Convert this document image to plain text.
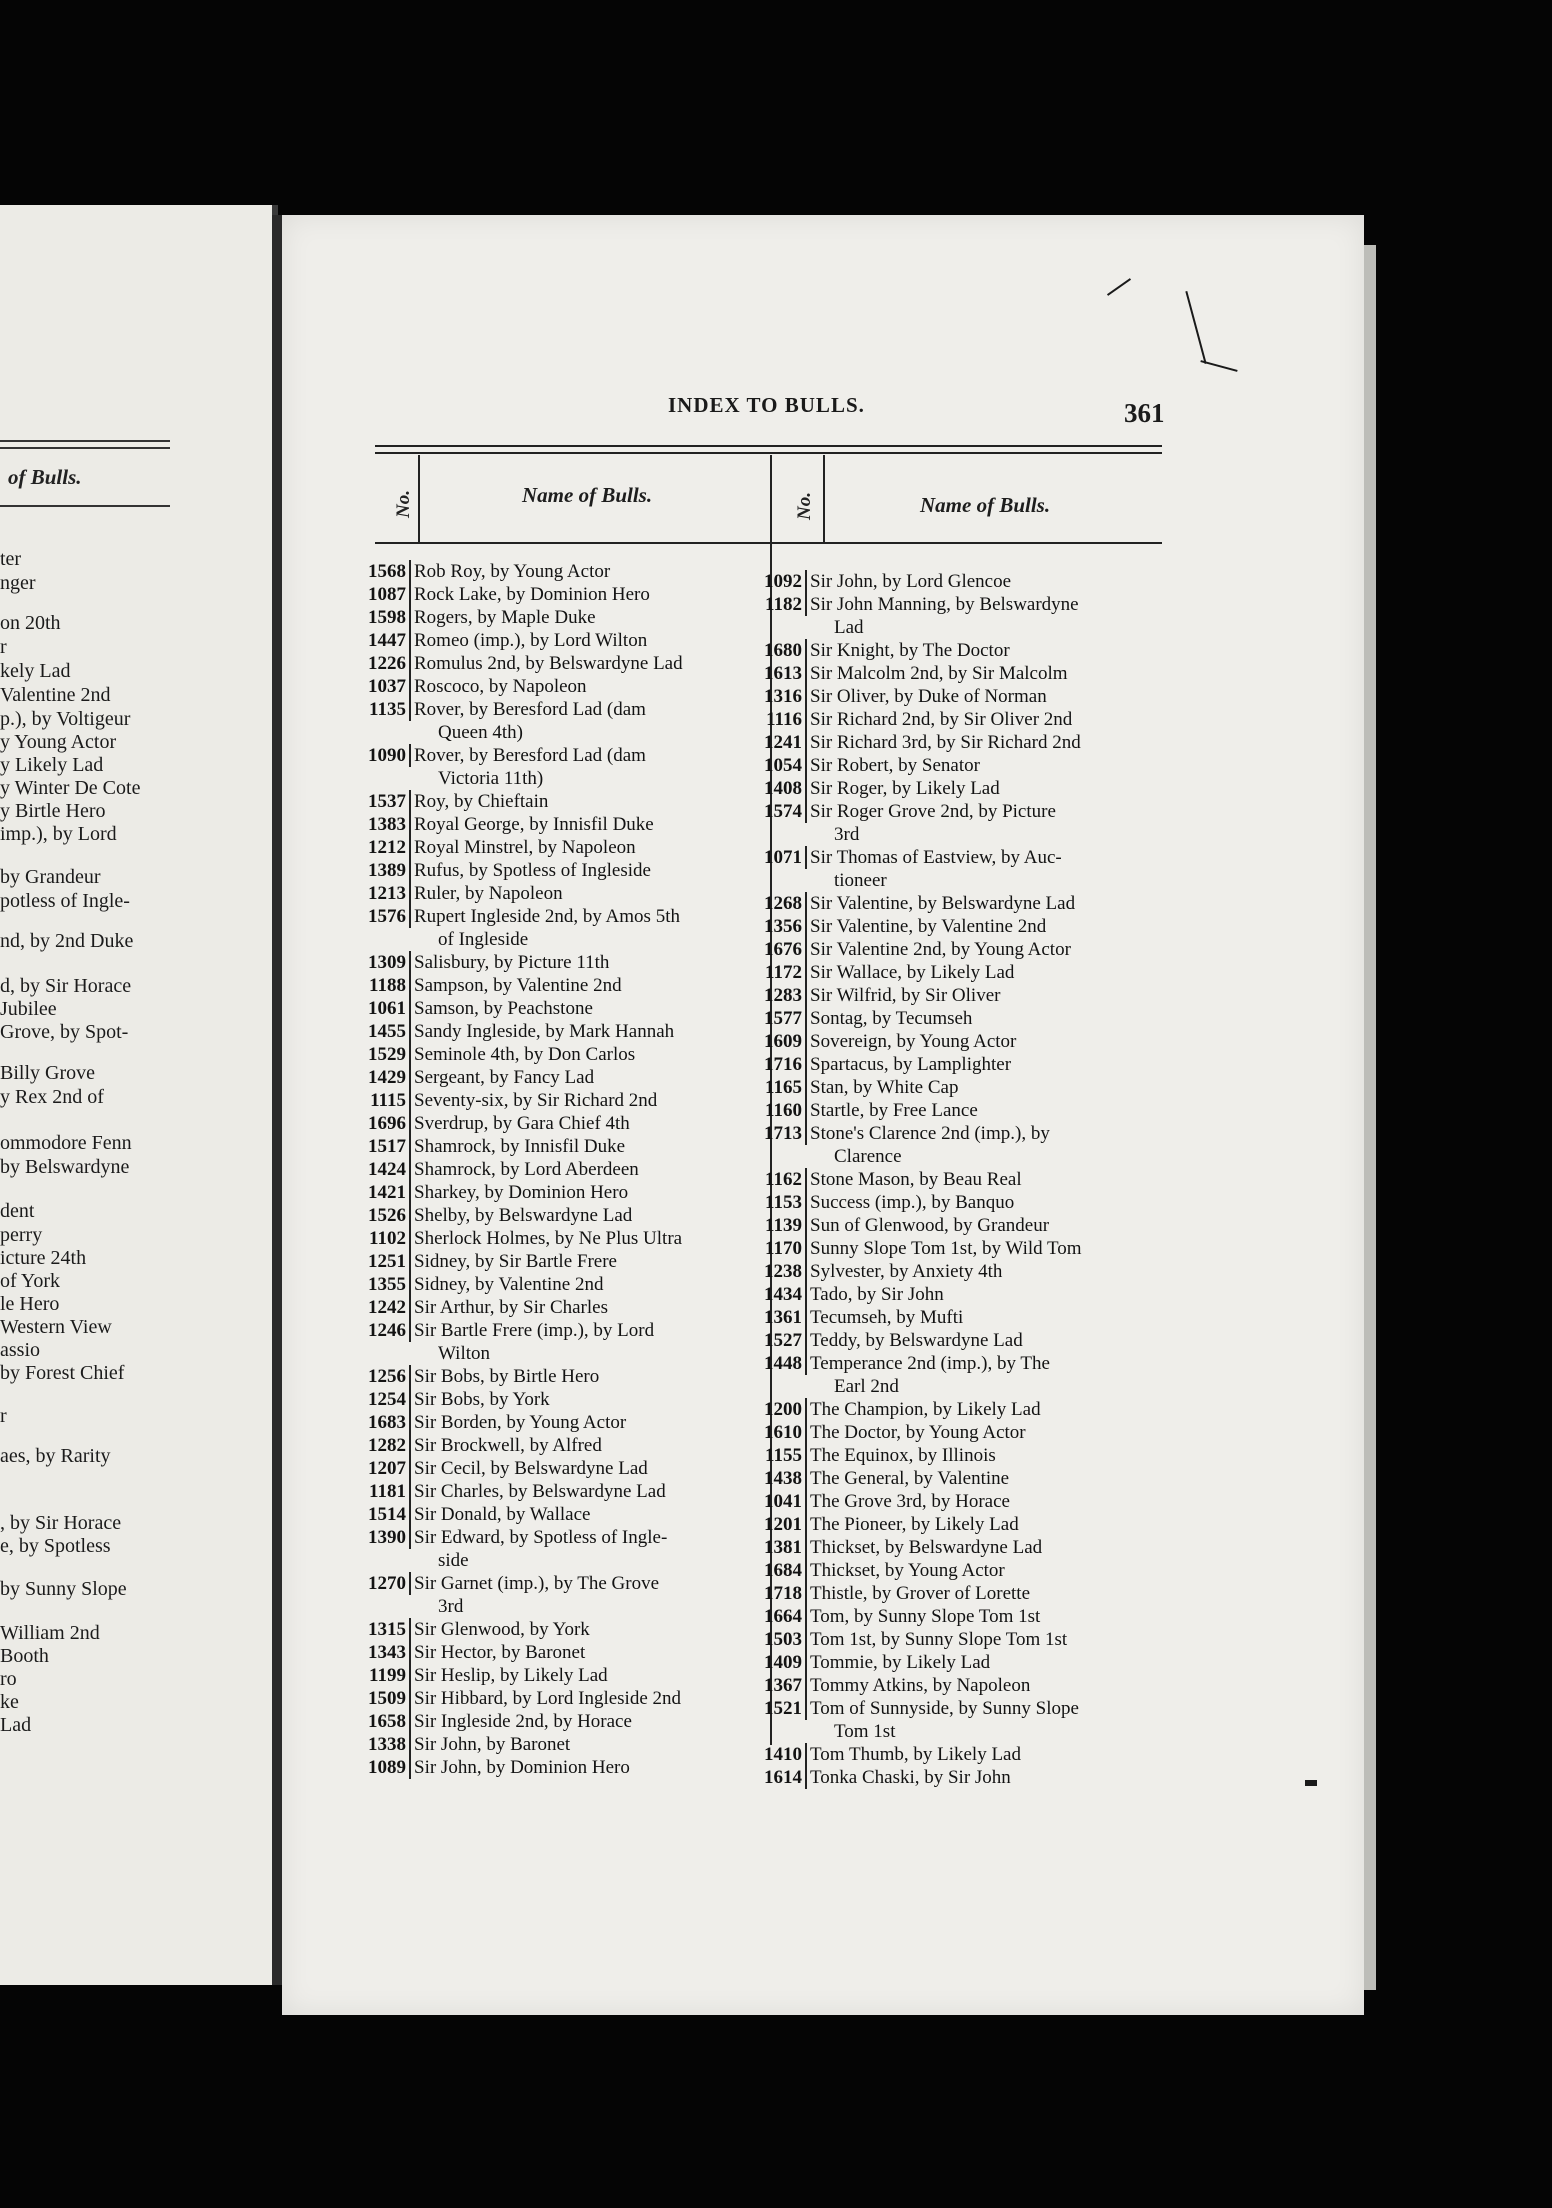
of Bulls.
ter
nger
on 20th
r
kely Lad
Valentine 2nd
p.), by Voltigeur
y Young Actor
y Likely Lad
y Winter De Cote
y Birtle Hero
imp.), by Lord
by Grandeur
potless of Ingle-
nd, by 2nd Duke
d, by Sir Horace
Jubilee
Grove, by Spot-
Billy Grove
y Rex 2nd of
ommodore Fenn
by Belswardyne
dent
perry
icture 24th
of York
le Hero
Western View
assio
by Forest Chief
r
aes, by Rarity
, by Sir Horace
e, by Spotless
by Sunny Slope
William 2nd
Booth
ro
ke
Lad
INDEX TO BULLS.	361
No.	Name of Bulls.	No.	Name of Bulls.
1568 Rob Roy, by Young Actor
1087 Rock Lake, by Dominion Hero
1598 Rogers, by Maple Duke
1447 Romeo (imp.), by Lord Wilton
1226 Romulus 2nd, by Belswardyne Lad
1037 Roscoco, by Napoleon
1135 Rover, by Beresford Lad (dam
Queen 4th)
1090 Rover, by Beresford Lad (dam
Victoria 11th)
1537 Roy, by Chieftain
1383 Royal George, by Innisfil Duke
1212 Royal Minstrel, by Napoleon
1389 Rufus, by Spotless of Ingleside
1213 Ruler, by Napoleon
1576 Rupert Ingleside 2nd, by Amos 5th
of Ingleside
1309 Salisbury, by Picture 11th
1188 Sampson, by Valentine 2nd
1061 Samson, by Peachstone
1455 Sandy Ingleside, by Mark Hannah
1529 Seminole 4th, by Don Carlos
1429 Sergeant, by Fancy Lad
1115 Seventy-six, by Sir Richard 2nd
1696 Sverdrup, by Gara Chief 4th
1517 Shamrock, by Innisfil Duke
1424 Shamrock, by Lord Aberdeen
1421 Sharkey, by Dominion Hero
1526 Shelby, by Belswardyne Lad
1102 Sherlock Holmes, by Ne Plus Ultra
1251 Sidney, by Sir Bartle Frere
1355 Sidney, by Valentine 2nd
1242 Sir Arthur, by Sir Charles
1246 Sir Bartle Frere (imp.), by Lord
Wilton
1256 Sir Bobs, by Birtle Hero
1254 Sir Bobs, by York
1683 Sir Borden, by Young Actor
1282 Sir Brockwell, by Alfred
1207 Sir Cecil, by Belswardyne Lad
1181 Sir Charles, by Belswardyne Lad
1514 Sir Donald, by Wallace
1390 Sir Edward, by Spotless of Ingle-
side
1270 Sir Garnet (imp.), by The Grove
3rd
1315 Sir Glenwood, by York
1343 Sir Hector, by Baronet
1199 Sir Heslip, by Likely Lad
1509 Sir Hibbard, by Lord Ingleside 2nd
1658 Sir Ingleside 2nd, by Horace
1338 Sir John, by Baronet
1089 Sir John, by Dominion Hero
1092 Sir John, by Lord Glencoe
1182 Sir John Manning, by Belswardyne
Lad
1680 Sir Knight, by The Doctor
1613 Sir Malcolm 2nd, by Sir Malcolm
1316 Sir Oliver, by Duke of Norman
1116 Sir Richard 2nd, by Sir Oliver 2nd
1241 Sir Richard 3rd, by Sir Richard 2nd
1054 Sir Robert, by Senator
1408 Sir Roger, by Likely Lad
1574 Sir Roger Grove 2nd, by Picture
3rd
1071 Sir Thomas of Eastview, by Auc-
tioneer
1268 Sir Valentine, by Belswardyne Lad
1356 Sir Valentine, by Valentine 2nd
1676 Sir Valentine 2nd, by Young Actor
1172 Sir Wallace, by Likely Lad
1283 Sir Wilfrid, by Sir Oliver
1577 Sontag, by Tecumseh
1609 Sovereign, by Young Actor
1716 Spartacus, by Lamplighter
1165 Stan, by White Cap
1160 Startle, by Free Lance
1713 Stone's Clarence 2nd (imp.), by
Clarence
1162 Stone Mason, by Beau Real
1153 Success (imp.), by Banquo
1139 Sun of Glenwood, by Grandeur
1170 Sunny Slope Tom 1st, by Wild Tom
1238 Sylvester, by Anxiety 4th
1434 Tado, by Sir John
1361 Tecumseh, by Mufti
1527 Teddy, by Belswardyne Lad
1448 Temperance 2nd (imp.), by The
Earl 2nd
1200 The Champion, by Likely Lad
1610 The Doctor, by Young Actor
1155 The Equinox, by Illinois
1438 The General, by Valentine
1041 The Grove 3rd, by Horace
1201 The Pioneer, by Likely Lad
1381 Thickset, by Belswardyne Lad
1684 Thickset, by Young Actor
1718 Thistle, by Grover of Lorette
1664 Tom, by Sunny Slope Tom 1st
1503 Tom 1st, by Sunny Slope Tom 1st
1409 Tommie, by Likely Lad
1367 Tommy Atkins, by Napoleon
1521 Tom of Sunnyside, by Sunny Slope
Tom 1st
1410 Tom Thumb, by Likely Lad
1614 Tonka Chaski, by Sir John
